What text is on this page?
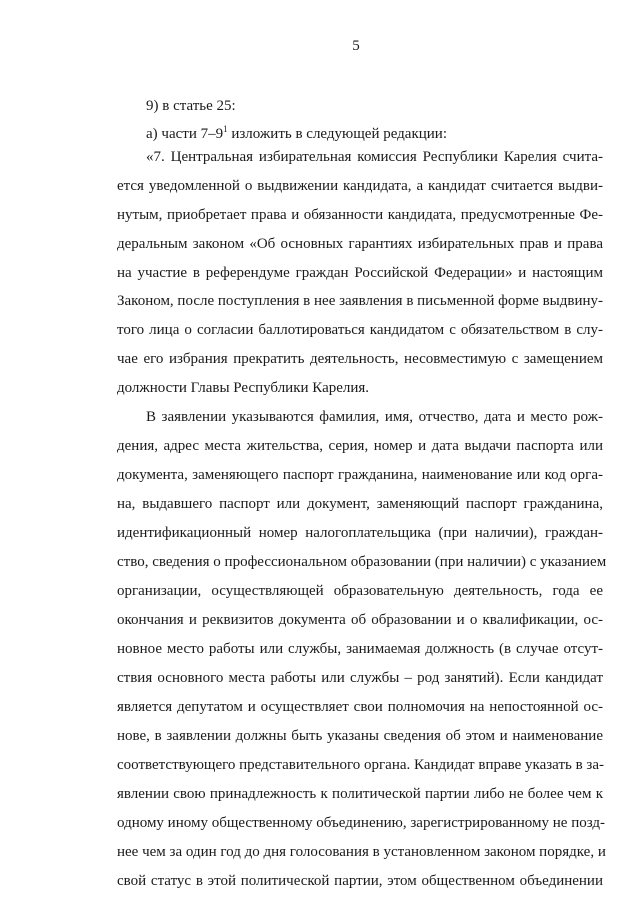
5
9) в статье 25:
а) части $7-9^1$ изложить в следующей редакции:
«7. Центральная избирательная комиссия Республики Карелия счита-
ется уведомленной о выдвижении кандидата, а кандидат считается выдви-
нутым, приобретает права и обязанности кандидата, предусмотренные Фе-
деральным законом «Об основных гарантиях избирательных прав и права
на участие в референдуме граждан Российской Федерации» и настоящим
Законом, после поступления в нее заявления в письменной форме выдвину-
того лица о согласии баллотироваться кандидатом с обязательством в слу-
чае его избрания прекратить деятельность, несовместимую с замещением
должности Главы Республики Карелия.
В заявлении указываются фамилия, имя, отчество, дата и место рож-
дения, адрес места жительства, серия, номер и дата выдачи паспорта или
документа, заменяющего паспорт гражданина, наименование или код орга-
на, выдавшего паспорт или документ, заменяющий паспорт гражданина,
идентификационный номер налогоплательщика (при наличии), граждан-
ство, сведения о профессиональном образовании (при наличии) с указанием
организации, осуществляющей образовательную деятельность, года ее
окончания и реквизитов документа об образовании и о квалификации, ос-
новное место работы или службы, занимаемая должность (в случае отсут-
ствия основного места работы или службы – род занятий). Если кандидат
является депутатом и осуществляет свои полномочия на непостоянной ос-
нове, в заявлении должны быть указаны сведения об этом и наименование
соответствующего представительного органа. Кандидат вправе указать в за-
явлении свою принадлежность к политической партии либо не более чем к
одному иному общественному объединению, зарегистрированному не позд-
нее чем за один год до дня голосования в установленном законом порядке, и
свой статус в этой политической партии, этом общественном объединении
